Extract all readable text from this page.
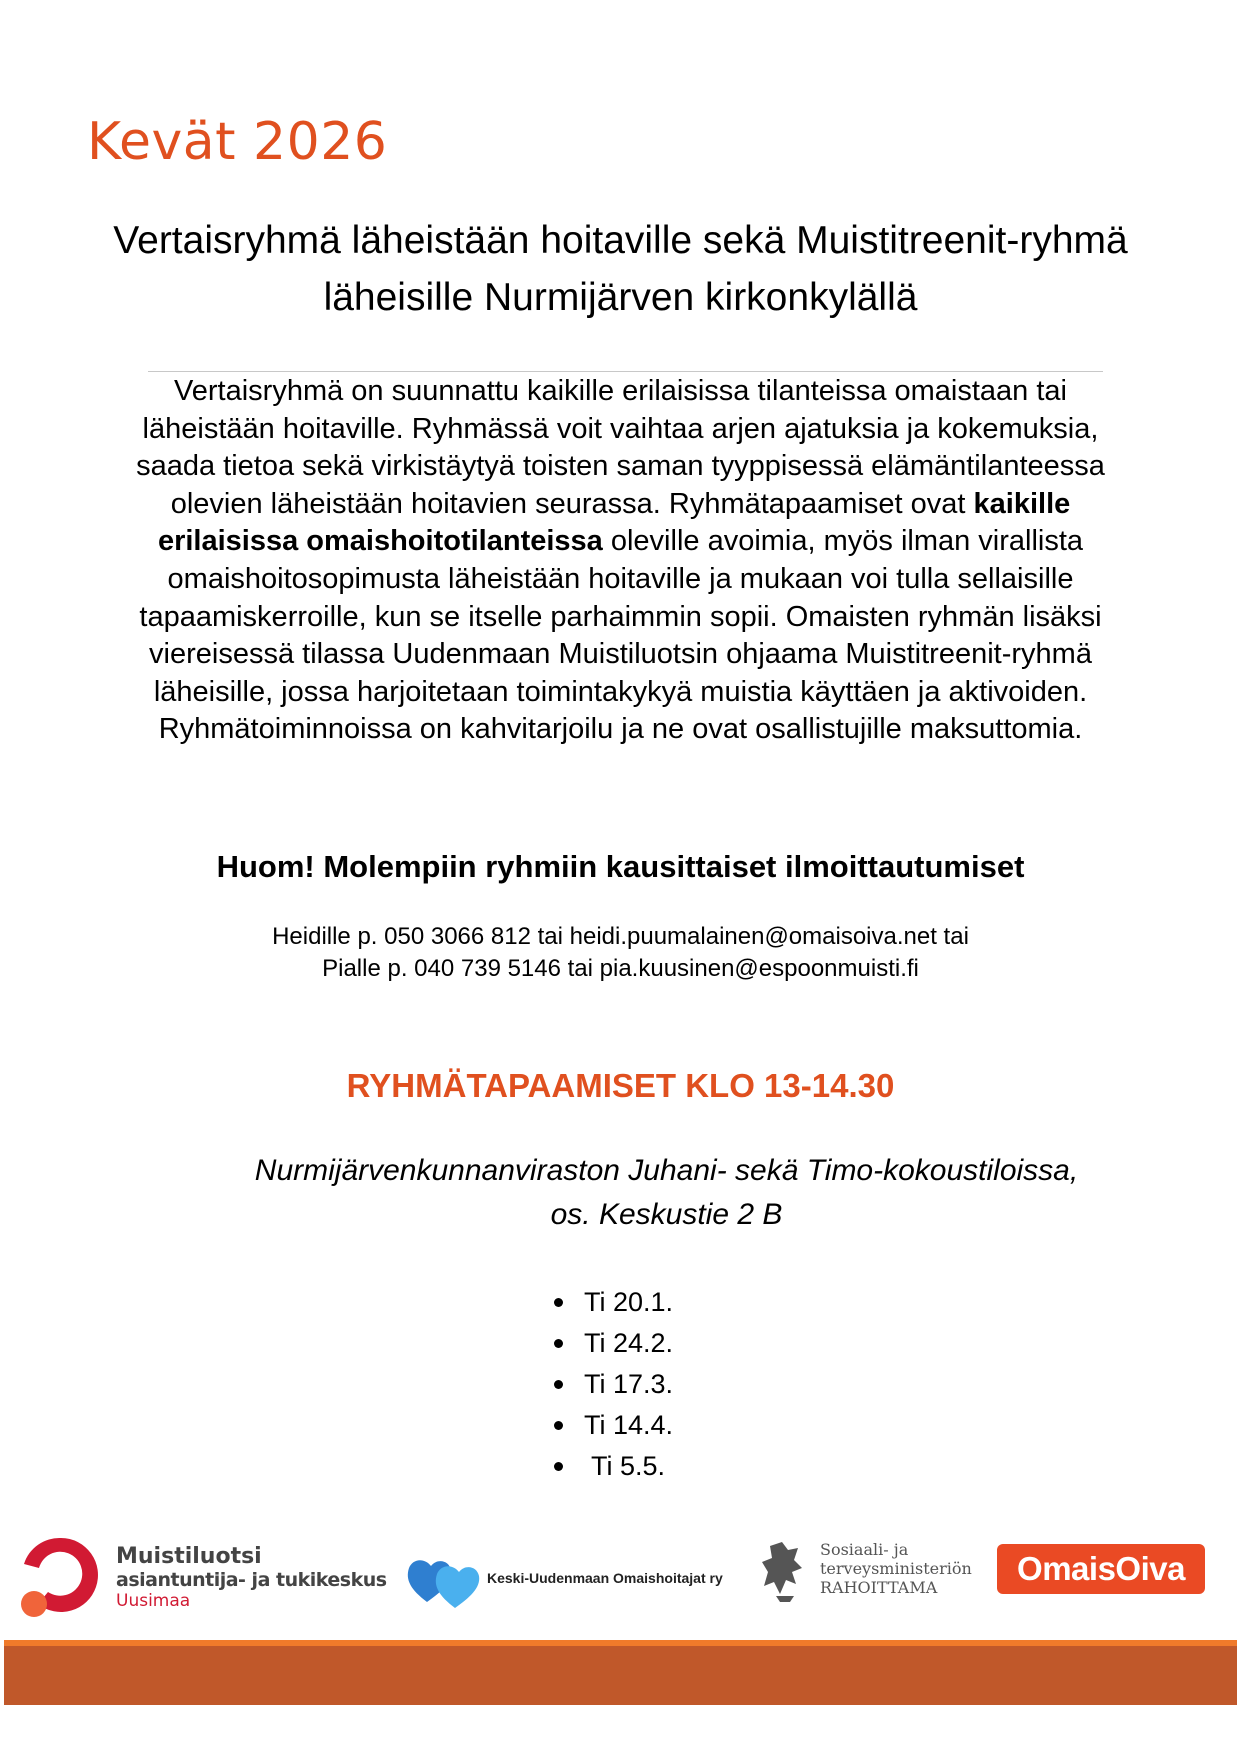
Kevät 2026
Vertaisryhmä läheistään hoitaville sekä Muistitreenit-ryhmä
läheisille Nurmijärven kirkonkylällä
Vertaisryhmä on suunnattu kaikille erilaisissa tilanteissa omaistaan tai
läheistään hoitaville. Ryhmässä voit vaihtaa arjen ajatuksia ja kokemuksia,
saada tietoa sekä virkistäytyä toisten saman tyyppisessä elämäntilanteessa
olevien läheistään hoitavien seurassa. Ryhmätapaamiset ovat kaikille
erilaisissa omaishoitotilanteissa oleville avoimia, myös ilman virallista
omaishoitosopimusta läheistään hoitaville ja mukaan voi tulla sellaisille
tapaamiskerroille, kun se itselle parhaimmin sopii. Omaisten ryhmän lisäksi
viereisessä tilassa Uudenmaan Muistiluotsin ohjaama Muistitreenit-ryhmä
läheisille, jossa harjoitetaan toimintakykyä muistia käyttäen ja aktivoiden.
Ryhmätoiminnoissa on kahvitarjoilu ja ne ovat osallistujille maksuttomia.
Huom! Molempiin ryhmiin kausittaiset ilmoittautumiset
Heidille p. 050 3066 812 tai heidi.puumalainen@omaisoiva.net tai
Pialle p. 040 739 5146 tai pia.kuusinen@espoonmuisti.fi
RYHMÄTAPAAMISET KLO 13-14.30
Nurmijärvenkunnanviraston Juhani- sekä Timo-kokoustiloissa,
os. Keskustie 2 B
Ti 20.1.
Ti 24.2.
Ti 17.3.
Ti 14.4.
Ti 5.5.
Muistiluotsi
asiantuntija- ja tukikeskus
Uusimaa
Keski-Uudenmaan Omaishoitajat ry
Sosiaali- ja
terveysministeriön
RAHOITTAMA
OmaisOiva
